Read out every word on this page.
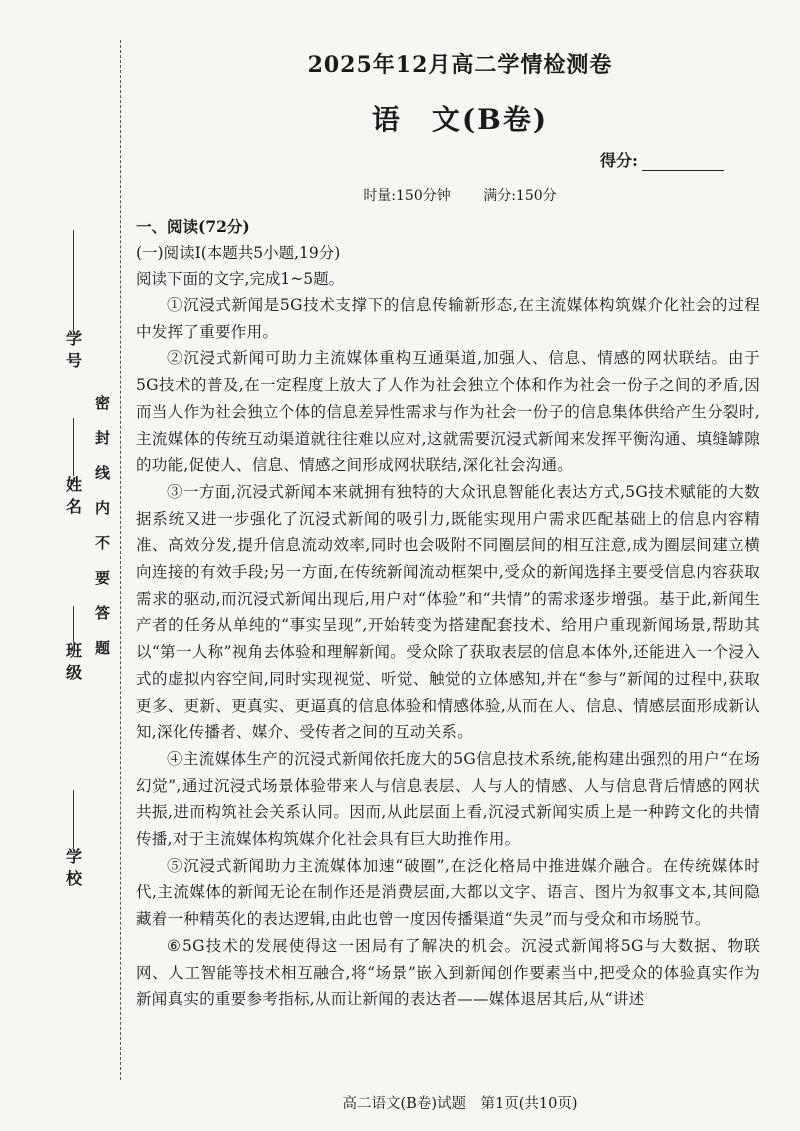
学号
姓名
班级
学校
密封线内不要答题
2025年12月高二学情检测卷
语　文(B卷)
得分:
时量:150分钟 满分:150分
一、阅读(72分)
(一)阅读Ⅰ(本题共5小题,19分)
阅读下面的文字,完成1~5题。

①沉浸式新闻是5G技术支撑下的信息传输新形态,在主流媒体构筑媒介化社会的过程中发挥了重要作用。

②沉浸式新闻可助力主流媒体重构互通渠道,加强人、信息、情感的网状联结。由于5G技术的普及,在一定程度上放大了人作为社会独立个体和作为社会一份子之间的矛盾,因而当人作为社会独立个体的信息差异性需求与作为社会一份子的信息集体供给产生分裂时,主流媒体的传统互动渠道就往往难以应对,这就需要沉浸式新闻来发挥平衡沟通、填缝罅隙的功能,促使人、信息、情感之间形成网状联结,深化社会沟通。

③一方面,沉浸式新闻本来就拥有独特的大众讯息智能化表达方式,5G技术赋能的大数据系统又进一步强化了沉浸式新闻的吸引力,既能实现用户需求匹配基础上的信息内容精准、高效分发,提升信息流动效率,同时也会吸附不同圈层间的相互注意,成为圈层间建立横向连接的有效手段;另一方面,在传统新闻流动框架中,受众的新闻选择主要受信息内容获取需求的驱动,而沉浸式新闻出现后,用户对“体验”和“共情”的需求逐步增强。基于此,新闻生产者的任务从单纯的“事实呈现”,开始转变为搭建配套技术、给用户重现新闻场景,帮助其以“第一人称”视角去体验和理解新闻。受众除了获取表层的信息本体外,还能进入一个浸入式的虚拟内容空间,同时实现视觉、听觉、触觉的立体感知,并在“参与”新闻的过程中,获取更多、更新、更真实、更逼真的信息体验和情感体验,从而在人、信息、情感层面形成新认知,深化传播者、媒介、受传者之间的互动关系。

④主流媒体生产的沉浸式新闻依托庞大的5G信息技术系统,能构建出强烈的用户“在场幻觉”,通过沉浸式场景体验带来人与信息表层、人与人的情感、人与信息背后情感的网状共振,进而构筑社会关系认同。因而,从此层面上看,沉浸式新闻实质上是一种跨文化的共情传播,对于主流媒体构筑媒介化社会具有巨大助推作用。

⑤沉浸式新闻助力主流媒体加速“破圈”,在泛化格局中推进媒介融合。在传统媒体时代,主流媒体的新闻无论在制作还是消费层面,大都以文字、语言、图片为叙事文本,其间隐藏着一种精英化的表达逻辑,由此也曾一度因传播渠道“失灵”而与受众和市场脱节。

⑥5G技术的发展使得这一困局有了解决的机会。沉浸式新闻将5G与大数据、物联网、人工智能等技术相互融合,将“场景”嵌入到新闻创作要素当中,把受众的体验真实作为新闻真实的重要参考指标,从而让新闻的表达者——媒体退居其后,从“讲述

高二语文(B卷)试题　第1页(共10页)
